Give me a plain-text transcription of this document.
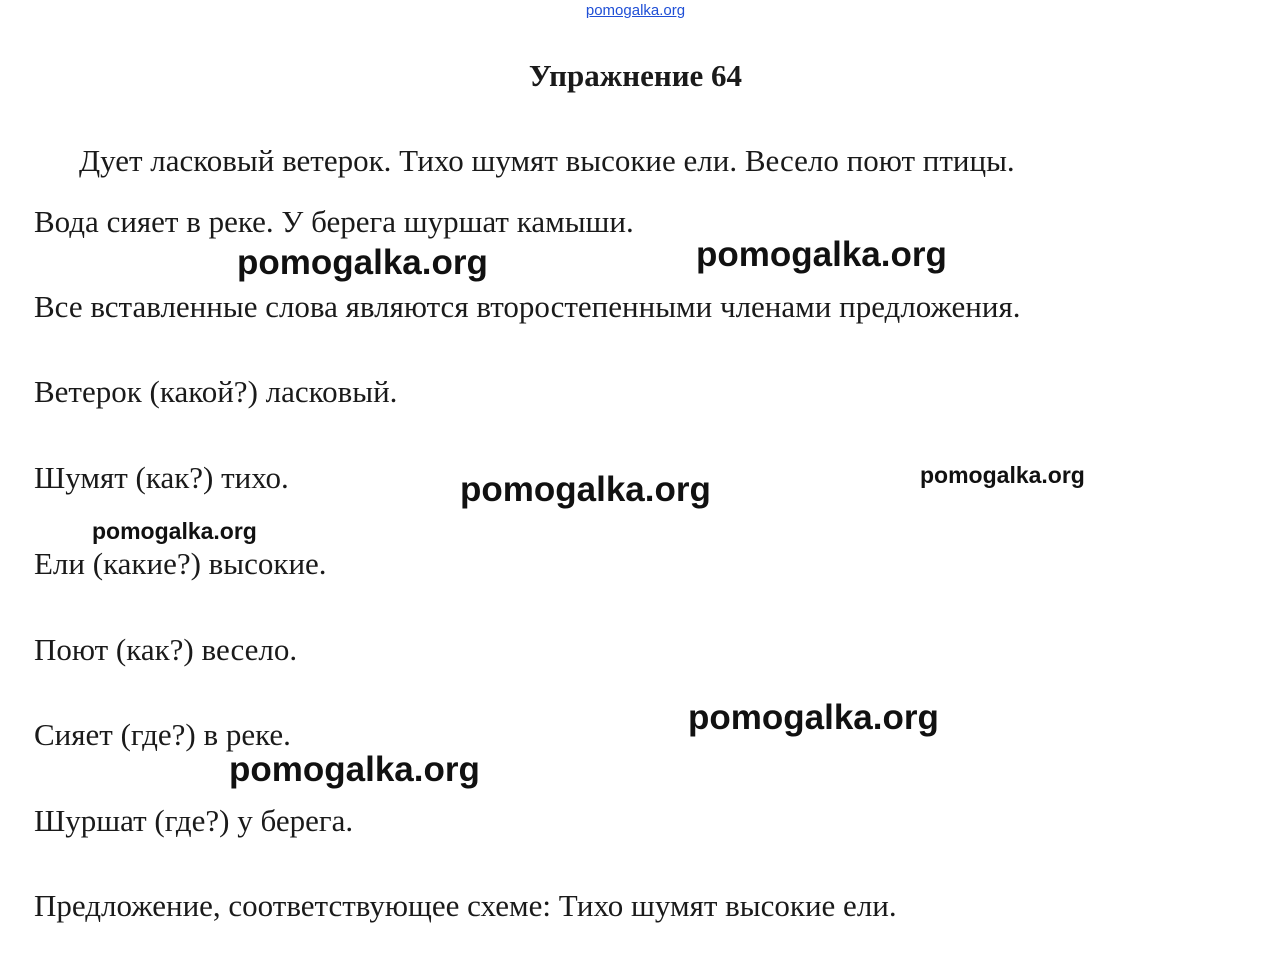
pomogalka.org
Упражнение 64
Дует ласковый ветерок. Тихо шумят высокие ели. Весело поют птицы.
Вода сияет в реке. У берега шуршат камыши.
Все вставленные слова являются второстепенными членами предложения.
Ветерок (какой?) ласковый.
Шумят (как?) тихо.
Ели (какие?) высокие.
Поют (как?) весело.
Сияет (где?) в реке.
Шуршат (где?) у берега.
Предложение, соответствующее схеме: Тихо шумят высокие ели.
pomogalka.org	pomogalka.org
pomogalka.org	pomogalka.org
pomogalka.org
pomogalka.org
pomogalka.org
